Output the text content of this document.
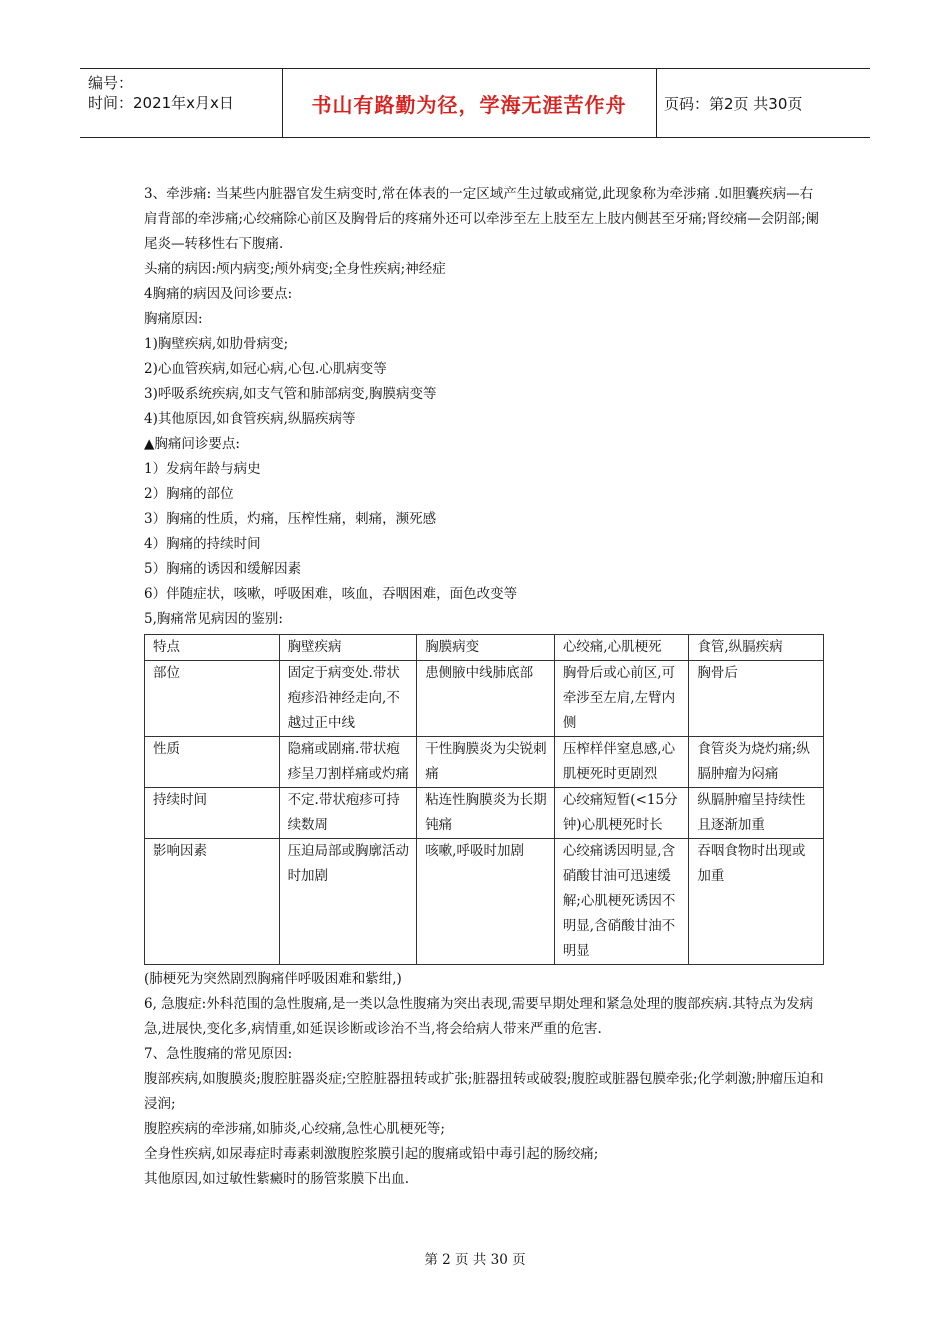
编号：
时间：2021年x月x日	书山有路勤为径，学海无涯苦作舟	页码：第2页 共30页

3、牵涉痛: 当某些内脏器官发生病变时,常在体表的一定区域产生过敏或痛觉,此现象称为牵涉痛 .如胆囊疾病—右肩背部的牵涉痛;心绞痛除心前区及胸骨后的疼痛外还可以牵涉至左上肢至左上肢内侧甚至牙痛;肾绞痛—会阴部;阑尾炎—转移性右下腹痛.

头痛的病因:颅内病变;颅外病变;全身性疾病;神经症

4胸痛的病因及问诊要点:

胸痛原因:

1)胸壁疾病,如肋骨病变;

2)心血管疾病,如冠心病,心包.心肌病变等

3)呼吸系统疾病,如支气管和肺部病变,胸膜病变等

4)其他原因,如食管疾病,纵膈疾病等

▲胸痛问诊要点:

1）发病年龄与病史

2）胸痛的部位

3）胸痛的性质，灼痛，压榨性痛，刺痛，濒死感

4）胸痛的持续时间

5）胸痛的诱因和缓解因素

6）伴随症状，咳嗽，呼吸困难，咳血，吞咽困难，面色改变等

5,胸痛常见病因的鉴别:

特点	胸壁疾病	胸膜病变	心绞痛,心肌梗死	食管,纵膈疾病
部位	固定于病变处.带状疱疹沿神经走向,不越过正中线	患侧腋中线肺底部	胸骨后或心前区,可牵涉至左肩,左臂内侧	胸骨后
性质	隐痛或剧痛.带状疱疹呈刀割样痛或灼痛	干性胸膜炎为尖锐刺痛	压榨样伴窒息感,心肌梗死时更剧烈	食管炎为烧灼痛;纵膈肿瘤为闷痛
持续时间	不定.带状疱疹可持续数周	粘连性胸膜炎为长期钝痛	心绞痛短暂(<15分钟)心肌梗死时长	纵膈肿瘤呈持续性且逐渐加重
影响因素	压迫局部或胸廓活动时加剧	咳嗽,呼吸时加剧	心绞痛诱因明显,含硝酸甘油可迅速缓解;心肌梗死诱因不明显,含硝酸甘油不明显	吞咽食物时出现或加重

(肺梗死为突然剧烈胸痛伴呼吸困难和紫绀,)

6, 急腹症:外科范围的急性腹痛,是一类以急性腹痛为突出表现,需要早期处理和紧急处理的腹部疾病.其特点为发病急,进展快,变化多,病情重,如延误诊断或诊治不当,将会给病人带来严重的危害.

7、急性腹痛的常见原因:

腹部疾病,如腹膜炎;腹腔脏器炎症;空腔脏器扭转或扩张;脏器扭转或破裂;腹腔或脏器包膜牵张;化学刺激;肿瘤压迫和浸润;

腹腔疾病的牵涉痛,如肺炎,心绞痛,急性心肌梗死等;

全身性疾病,如尿毒症时毒素刺激腹腔浆膜引起的腹痛或铅中毒引起的肠绞痛;

其他原因,如过敏性紫癜时的肠管浆膜下出血.

第 2 页 共 30 页
